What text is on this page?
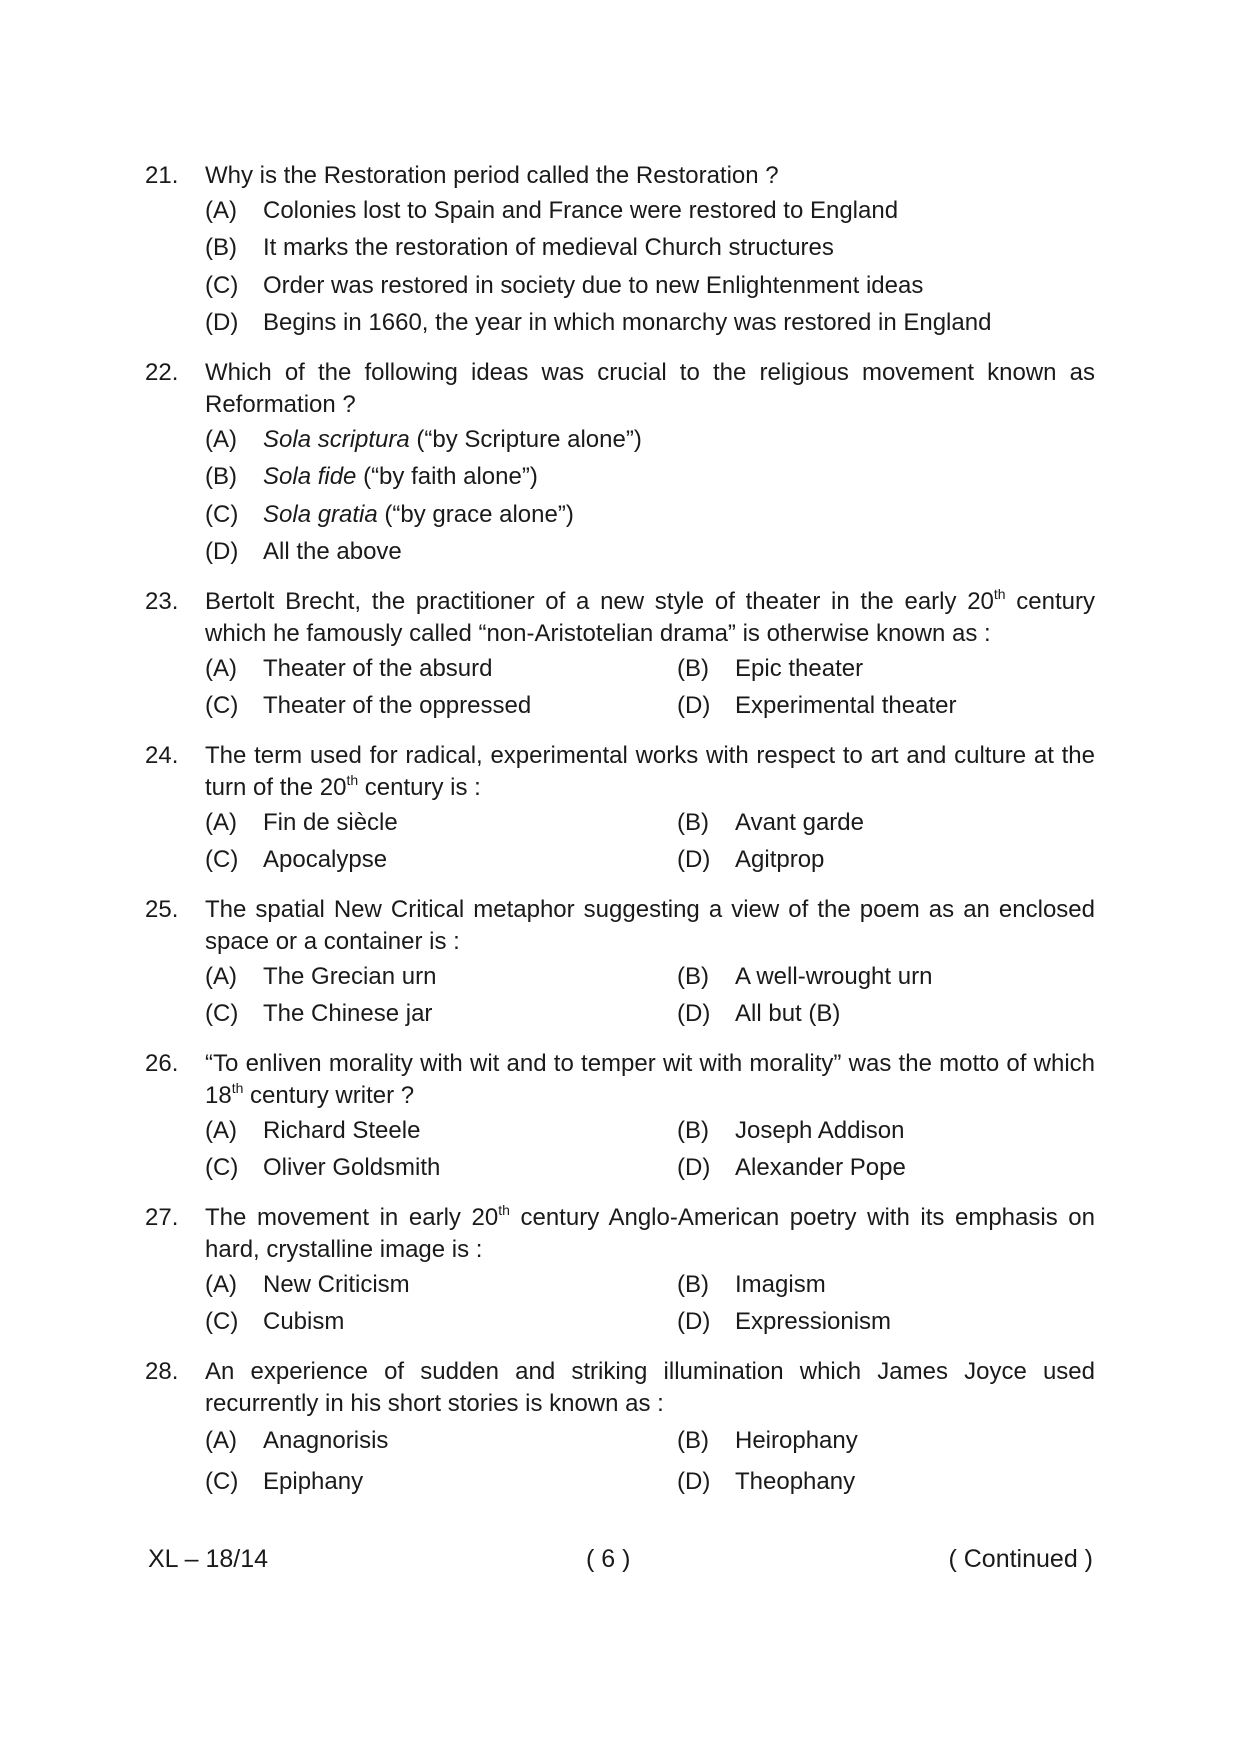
21.	Why is the Restoration period called the Restoration ?
(A)	Colonies lost to Spain and France were restored to England
(B)	It marks the restoration of medieval Church structures
(C)	Order was restored in society due to new Enlightenment ideas
(D)	Begins in 1660, the year in which monarchy was restored in England
22.	Which of the following ideas was crucial to the religious movement known as Reformation ?
(A)	Sola scriptura (“by Scripture alone”)
(B)	Sola fide (“by faith alone”)
(C)	Sola gratia (“by grace alone”)
(D)	All the above
23.	Bertolt Brecht, the practitioner of a new style of theater in the early 20th century which he famously called “non-Aristotelian drama” is otherwise known as :
(A)	Theater of the absurd	(B)	Epic theater
(C)	Theater of the oppressed	(D)	Experimental theater
24.	The term used for radical, experimental works with respect to art and culture at the turn of the 20th century is :
(A)	Fin de siècle	(B)	Avant garde
(C)	Apocalypse	(D)	Agitprop
25.	The spatial New Critical metaphor suggesting a view of the poem as an enclosed space or a container is :
(A)	The Grecian urn	(B)	A well-wrought urn
(C)	The Chinese jar	(D)	All but (B)
26.	“To enliven morality with wit and to temper wit with morality” was the motto of which 18th century writer ?
(A)	Richard Steele	(B)	Joseph Addison
(C)	Oliver Goldsmith	(D)	Alexander Pope
27.	The movement in early 20th century Anglo-American poetry with its emphasis on hard, crystalline image is :
(A)	New Criticism	(B)	Imagism
(C)	Cubism	(D)	Expressionism
28.	An experience of sudden and striking illumination which James Joyce used recurrently in his short stories is known as :
(A)	Anagnorisis	(B)	Heirophany
(C)	Epiphany	(D)	Theophany
XL – 18/14	( 6 )	( Continued )
